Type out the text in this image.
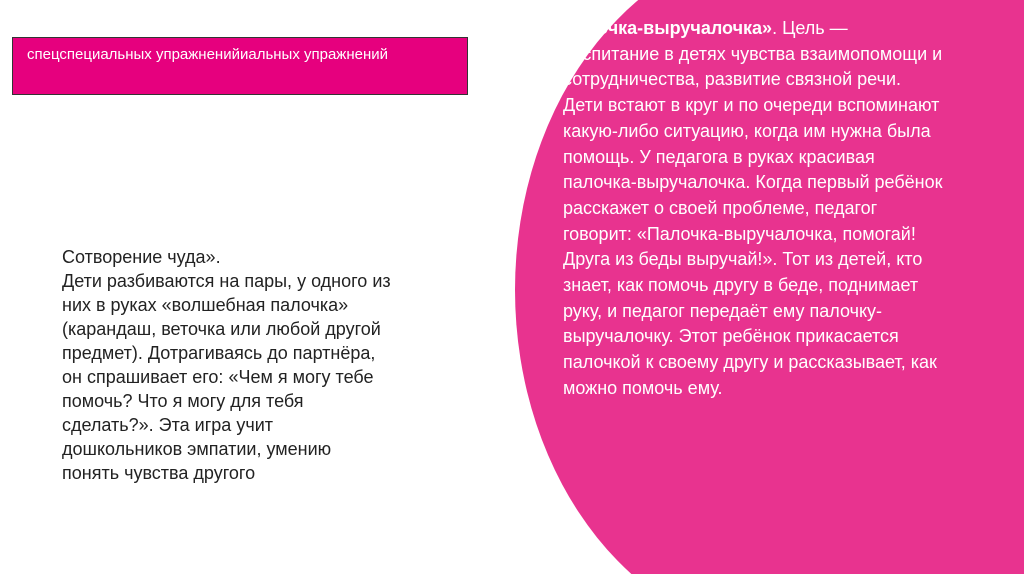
спецспециальных упражненийиальных упражнений
Сотворение чуда».
Дети разбиваются на пары, у одного из них в руках «волшебная палочка» (карандаш, веточка или любой другой предмет). Дотрагиваясь до партнёра, он спрашивает его: «Чем я могу тебе помочь? Что я могу для тебя сделать?». Эта игра учит дошкольников эмпатии, умению понять чувства другого
• Палочка-выручалочка». Цель — воспитание в детях чувства взаимопомощи и сотрудничества, развитие связной речи. Дети встают в круг и по очереди вспоминают какую-либо ситуацию, когда им нужна была помощь. У педагога в руках красивая палочка-выручалочка. Когда первый ребёнок расскажет о своей проблеме, педагог говорит: «Палочка-выручалочка, помогай! Друга из беды выручай!». Тот из детей, кто знает, как помочь другу в беде, поднимает руку, и педагог передаёт ему палочку-выручалочку. Этот ребёнок прикасается палочкой к своему другу и рассказывает, как можно помочь ему.
